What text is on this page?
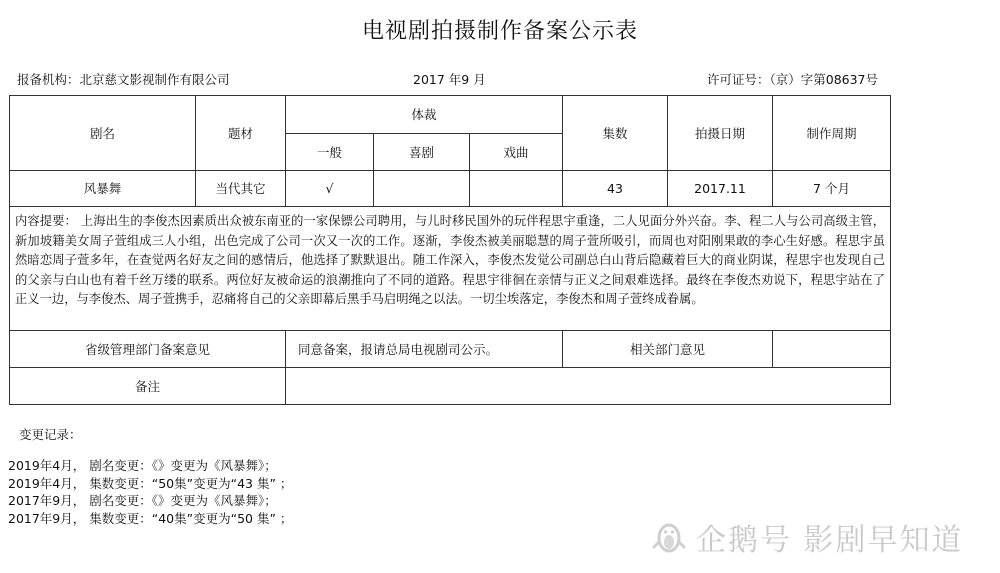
电视剧拍摄制作备案公示表
报备机构：北京慈文影视制作有限公司	2017 年9 月	许可证号：（京）字第08637号
剧名	题材	体裁			集数	拍摄日期	制作周期
		一般	喜剧	戏曲			
风暴舞	当代其它	√			43	2017.11	7 个月

内容提要： 上海出生的李俊杰因素质出众被东南亚的一家保镖公司聘用，与儿时移民国外的玩伴程思宇重逢，二人见面分外兴奋。李、程二人与公司高级主管，新加坡籍美女周子萱组成三人小组，出色完成了公司一次又一次的工作。逐渐，李俊杰被美丽聪慧的周子萱所吸引，而周也对阳刚果敢的李心生好感。程思宇虽然暗恋周子萱多年，在查觉两名好友之间的感情后，他选择了默默退出。随工作深入，李俊杰发觉公司副总白山背后隐藏着巨大的商业阴谋，程思宇也发现自己的父亲与白山也有着千丝万缕的联系。两位好友被命运的浪潮推向了不同的道路。程思宇徘徊在亲情与正义之间艰难选择。最终在李俊杰劝说下，程思宇站在了正义一边，与李俊杰、周子萱携手，忍痛将自己的父亲即幕后黑手马启明绳之以法。一切尘埃落定，李俊杰和周子萱终成眷属。							

省级管理部门备案意见		同意备案，报请总局电视剧司公示。			相关部门意见		
备注							
变更记录：
2019年4月， 剧名变更：《》变更为《风暴舞》；
2019年4月， 集数变更：“50集”变更为“43 集” ；
2017年9月， 剧名变更：《》变更为《风暴舞》；
2017年9月， 集数变更：“40集”变更为“50 集” ；
企鹅号 影剧早知道
